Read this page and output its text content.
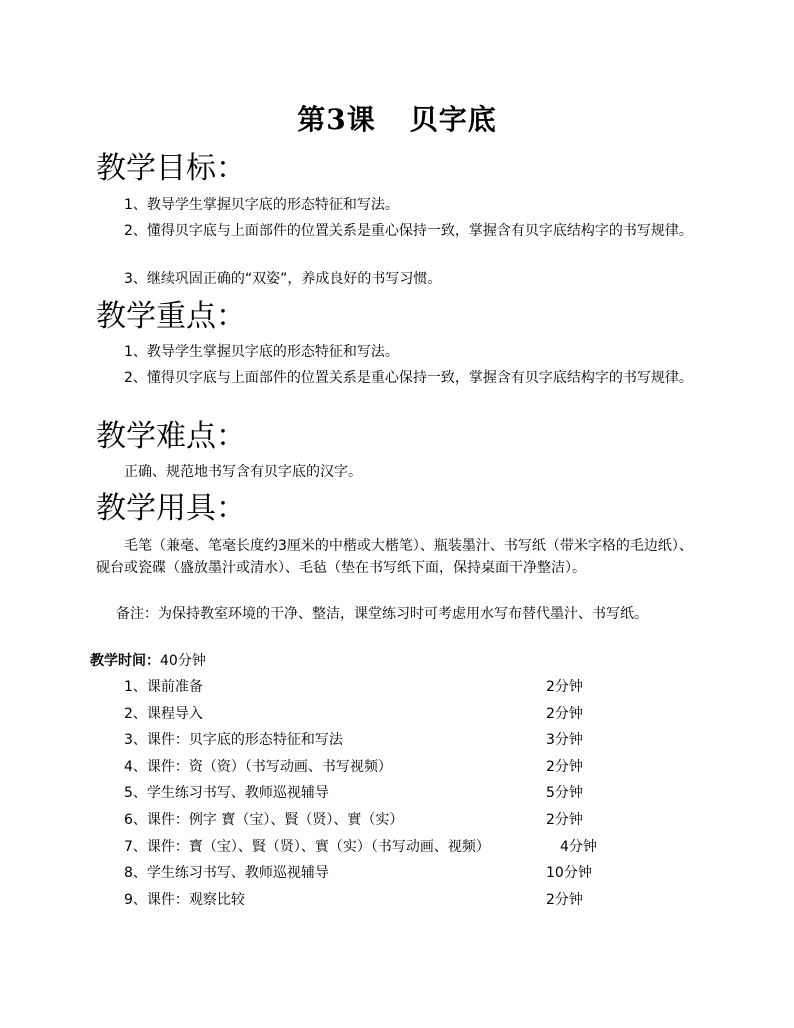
第3课 贝字底
教学目标：
1、教导学生掌握贝字底的形态特征和写法。
2、懂得贝字底与上面部件的位置关系是重心保持一致，掌握含有贝字底结构字的书写规律。
3、继续巩固正确的“双姿”，养成良好的书写习惯。
教学重点：
1、教导学生掌握贝字底的形态特征和写法。
2、懂得贝字底与上面部件的位置关系是重心保持一致，掌握含有贝字底结构字的书写规律。
教学难点：
正确、规范地书写含有贝字底的汉字。
教学用具：
毛笔（兼毫、笔毫长度约3厘米的中楷或大楷笔）、瓶装墨汁、书写纸（带米字格的毛边纸）、砚台或瓷碟（盛放墨汁或清水）、毛毡（垫在书写纸下面，保持桌面干净整洁）。
备注：为保持教室环境的干净、整洁，课堂练习时可考虑用水写布替代墨汁、书写纸。
教学时间：40分钟
1、课前准备	2分钟
2、课程导入	2分钟
3、课件：贝字底的形态特征和写法	3分钟
4、课件：资（资）（书写动画、书写视频）	2分钟
5、学生练习书写、教师巡视辅导	5分钟
6、课件：例字 寳（宝）、賢（贤）、實（实）	2分钟
7、课件：寳（宝）、賢（贤）、實（实）（书写动画、视频）	4分钟
8、学生练习书写、教师巡视辅导	10分钟
9、课件：观察比较	2分钟
